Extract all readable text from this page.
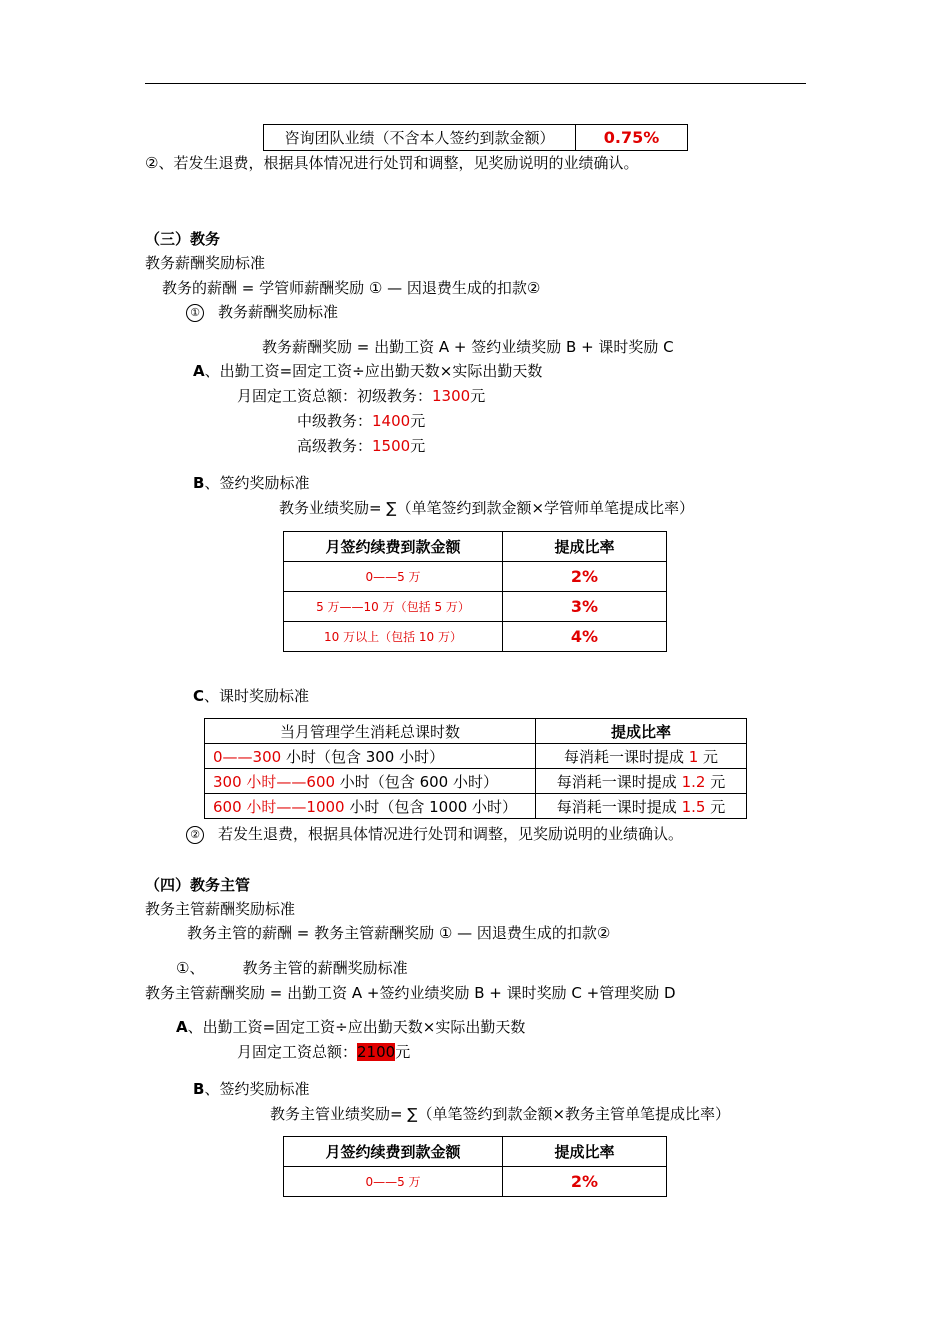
咨询团队业绩（不含本人签约到款金额）	0.75%
②、若发生退费，根据具体情况进行处罚和调整，见奖励说明的业绩确认。
（三）教务
教务薪酬奖励标准
教务的薪酬 = 学管师薪酬奖励 ① — 因退费生成的扣款②
① 教务薪酬奖励标准
教务薪酬奖励 = 出勤工资 A + 签约业绩奖励 B + 课时奖励 C
A、出勤工资=固定工资÷应出勤天数×实际出勤天数
月固定工资总额：初级教务：1300元
中级教务：1400元
高级教务：1500元
B、签约奖励标准
教务业绩奖励= ∑（单笔签约到款金额×学管师单笔提成比率）
月签约续费到款金额	提成比率
0——5 万	2%
5 万——10 万（包括 5 万）	3%
10 万以上（包括 10 万）	4%
C、课时奖励标准
当月管理学生消耗总课时数	提成比率
0——300 小时（包含 300 小时）	每消耗一课时提成 1 元
300 小时——600 小时（包含 600 小时）	每消耗一课时提成 1.2 元
600 小时——1000 小时（包含 1000 小时）	每消耗一课时提成 1.5 元
② 若发生退费，根据具体情况进行处罚和调整，见奖励说明的业绩确认。
（四）教务主管
教务主管薪酬奖励标准
教务主管的薪酬 = 教务主管薪酬奖励 ① — 因退费生成的扣款②
①、        教务主管的薪酬奖励标准
教务主管薪酬奖励 = 出勤工资 A +签约业绩奖励 B + 课时奖励 C +管理奖励 D
A、出勤工资=固定工资÷应出勤天数×实际出勤天数
月固定工资总额：2100元
B、签约奖励标准
教务主管业绩奖励= ∑（单笔签约到款金额×教务主管单笔提成比率）
月签约续费到款金额	提成比率
0——5 万	2%
